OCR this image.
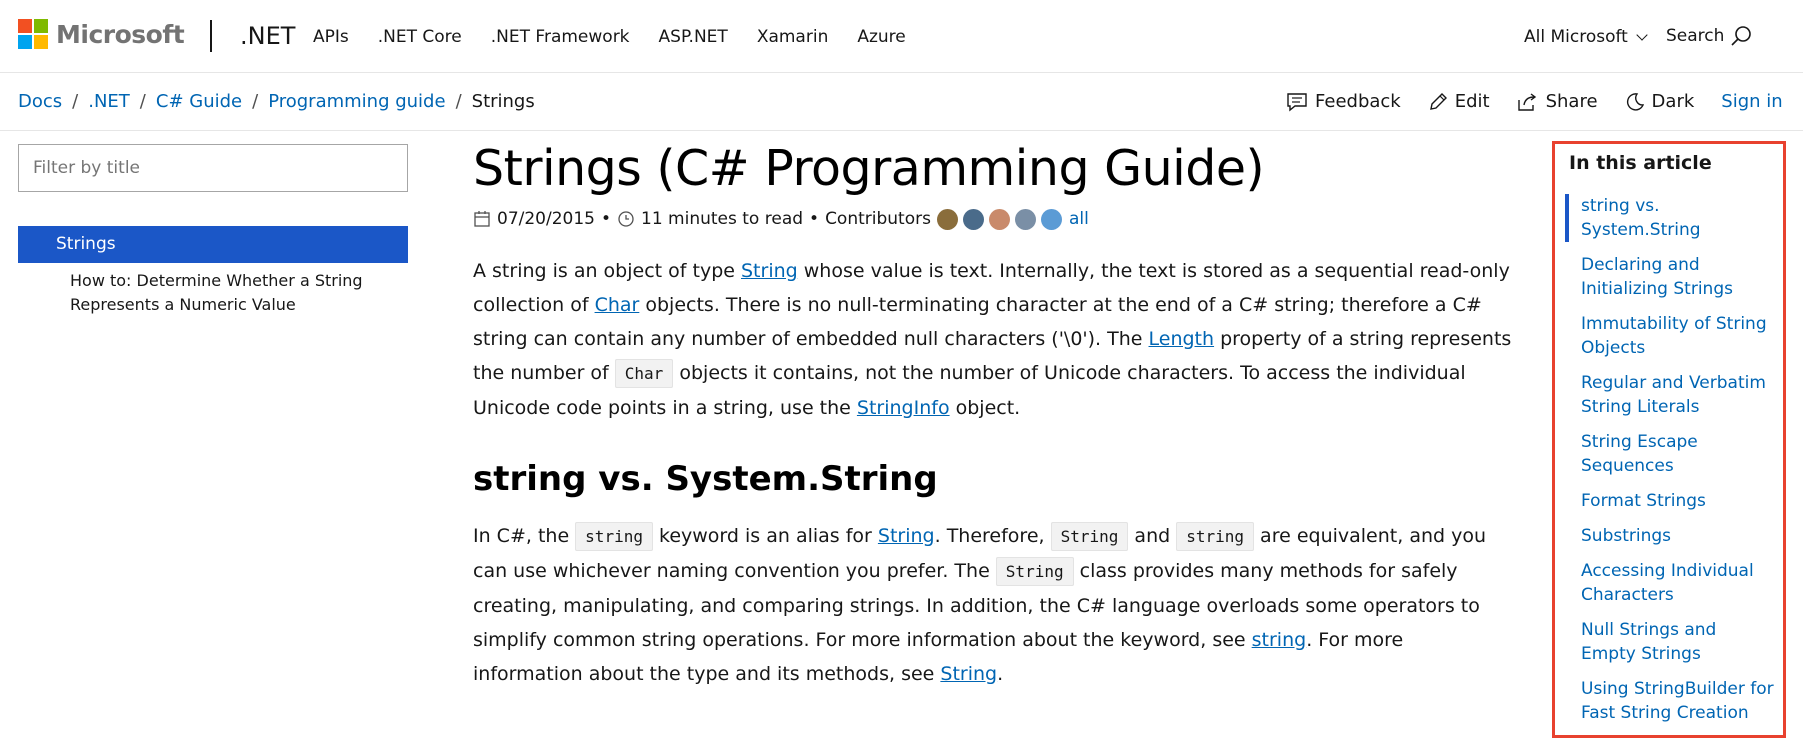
Microsoft .NET APIs .NET Core .NET Framework ASP.NET Xamarin Azure	All Microsoft Search
Docs / .NET / C# Guide / Programming guide / Strings	Feedback	Edit	Share	Dark Sign in
Filter by title
Strings
How to: Determine Whether a String Represents a Numeric Value
Strings (C# Programming Guide)
07/20/2015 • 11 minutes to read • Contributors	all

A string is an object of type String whose value is text. Internally, the text is stored as a sequential read-only collection of Char objects. There is no null-terminating character at the end of a C# string; therefore a C# string can contain any number of embedded null characters ('\0'). The Length property of a string represents the number of Char objects it contains, not the number of Unicode characters. To access the individual Unicode code points in a string, use the StringInfo object.

string vs. System.String

In C#, the string keyword is an alias for String. Therefore, String and string are equivalent, and you can use whichever naming convention you prefer. The String class provides many methods for safely creating, manipulating, and comparing strings. In addition, the C# language overloads some operators to simplify common string operations. For more information about the keyword, see string. For more information about the type and its methods, see String.

In this article
string vs. System.String
Declaring and Initializing Strings
Immutability of String Objects
Regular and Verbatim String Literals
String Escape Sequences
Format Strings
Substrings
Accessing Individual Characters
Null Strings and Empty Strings
Using StringBuilder for Fast String Creation
